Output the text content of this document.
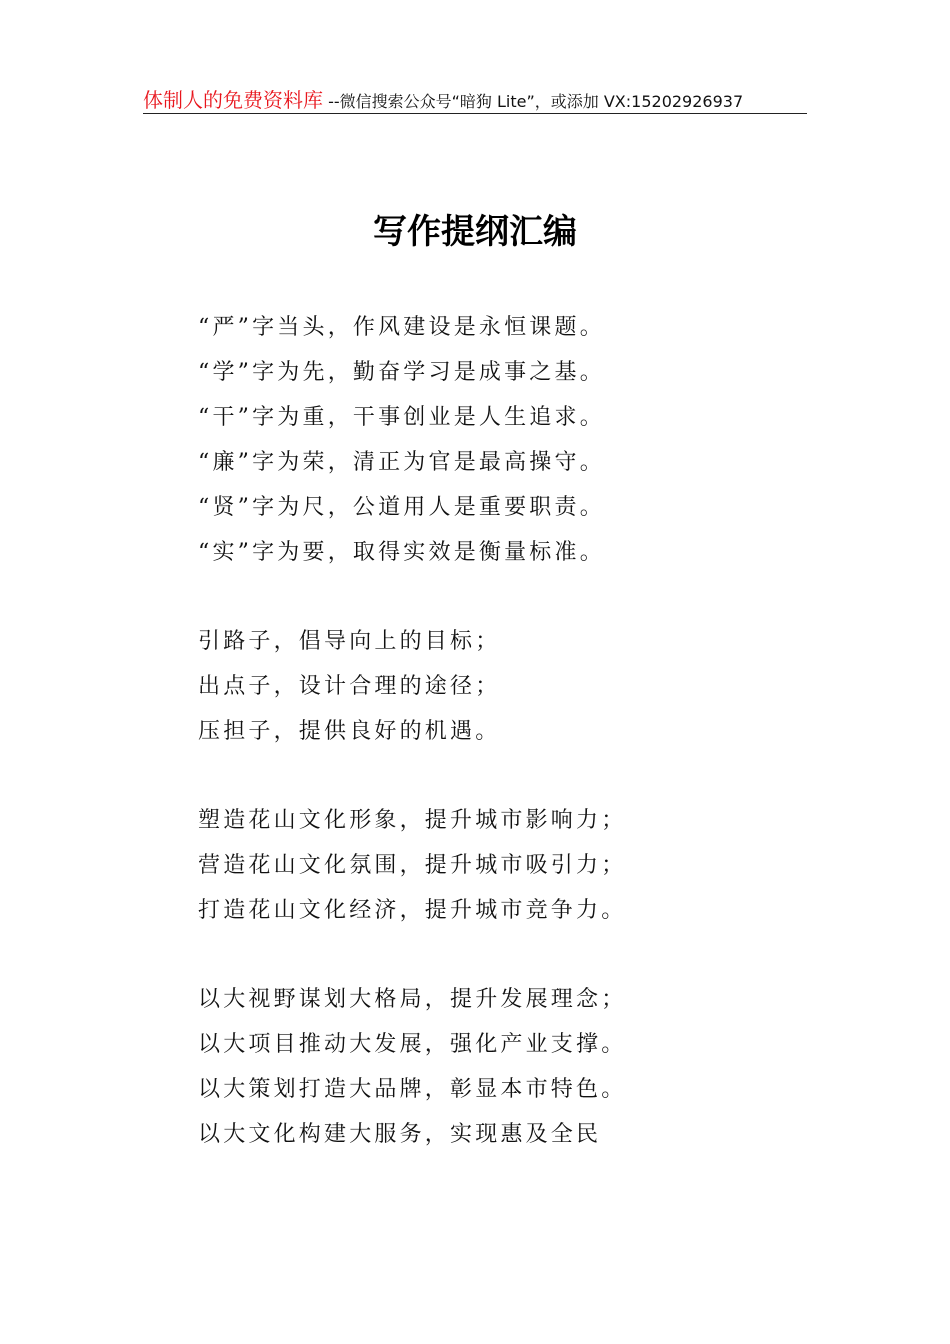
体制人的免费资料库 --微信搜索公众号“暗狗 Lite”，或添加 VX:15202926937
写作提纲汇编
“严”字当头，作风建设是永恒课题。
“学”字为先，勤奋学习是成事之基。
“干”字为重，干事创业是人生追求。
“廉”字为荣，清正为官是最高操守。
“贤”字为尺，公道用人是重要职责。
“实”字为要，取得实效是衡量标准。
引路子，倡导向上的目标；
出点子，设计合理的途径；
压担子，提供良好的机遇。
塑造花山文化形象，提升城市影响力；
营造花山文化氛围，提升城市吸引力；
打造花山文化经济，提升城市竞争力。
以大视野谋划大格局，提升发展理念；
以大项目推动大发展，强化产业支撑。
以大策划打造大品牌，彰显本市特色。
以大文化构建大服务，实现惠及全民
